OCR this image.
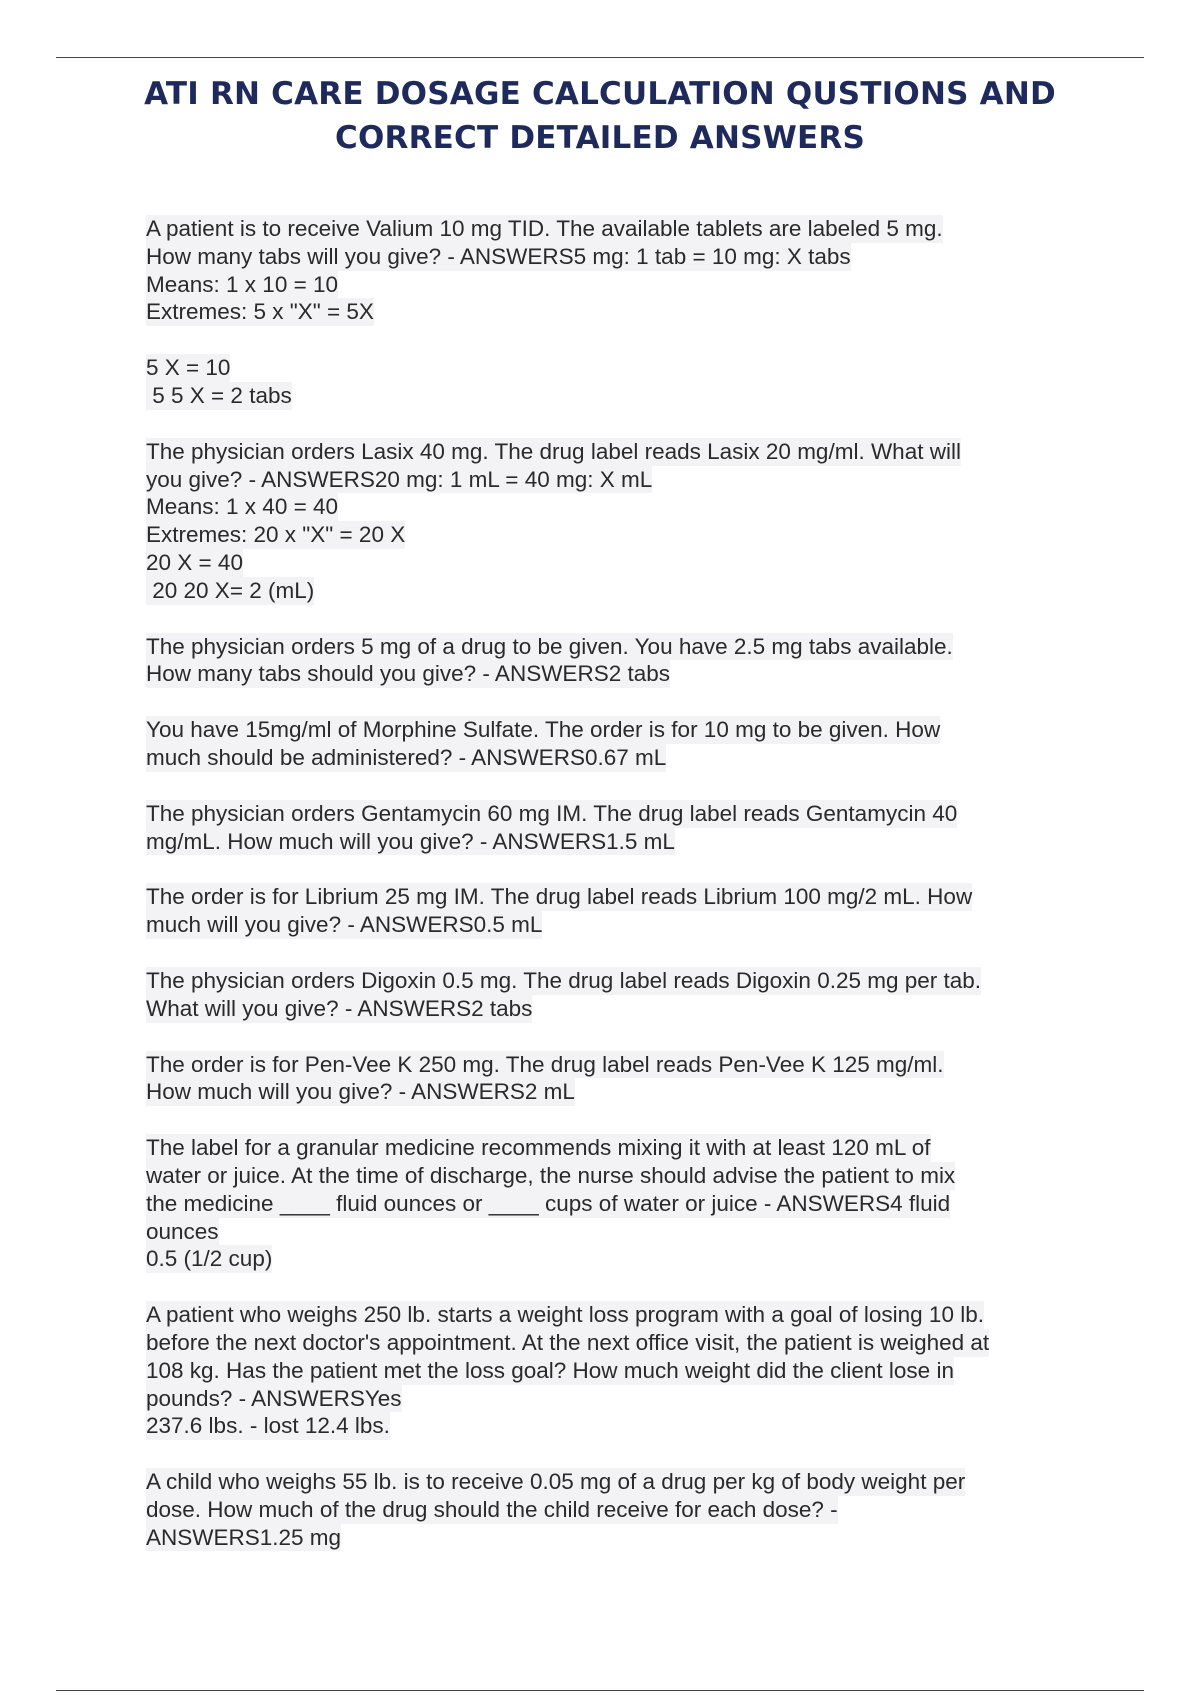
ATI RN CARE DOSAGE CALCULATION QUSTIONS AND
CORRECT DETAILED ANSWERS
A patient is to receive Valium 10 mg TID. The available tablets are labeled 5 mg.
How many tabs will you give? - ANSWERS5 mg: 1 tab = 10 mg: X tabs
Means: 1 x 10 = 10
Extremes: 5 x "X" = 5X
5 X = 10
5 5 X = 2 tabs
The physician orders Lasix 40 mg. The drug label reads Lasix 20 mg/ml. What will
you give? - ANSWERS20 mg: 1 mL = 40 mg: X mL
Means: 1 x 40 = 40
Extremes: 20 x "X" = 20 X
20 X = 40
20 20 X= 2 (mL)
The physician orders 5 mg of a drug to be given. You have 2.5 mg tabs available.
How many tabs should you give? - ANSWERS2 tabs
You have 15mg/ml of Morphine Sulfate. The order is for 10 mg to be given. How
much should be administered? - ANSWERS0.67 mL
The physician orders Gentamycin 60 mg IM. The drug label reads Gentamycin 40
mg/mL. How much will you give? - ANSWERS1.5 mL
The order is for Librium 25 mg IM. The drug label reads Librium 100 mg/2 mL. How
much will you give? - ANSWERS0.5 mL
The physician orders Digoxin 0.5 mg. The drug label reads Digoxin 0.25 mg per tab.
What will you give? - ANSWERS2 tabs
The order is for Pen-Vee K 250 mg. The drug label reads Pen-Vee K 125 mg/ml.
How much will you give? - ANSWERS2 mL
The label for a granular medicine recommends mixing it with at least 120 mL of
water or juice. At the time of discharge, the nurse should advise the patient to mix
the medicine ____ fluid ounces or ____ cups of water or juice - ANSWERS4 fluid
ounces
0.5 (1/2 cup)
A patient who weighs 250 lb. starts a weight loss program with a goal of losing 10 lb.
before the next doctor's appointment. At the next office visit, the patient is weighed at
108 kg. Has the patient met the loss goal? How much weight did the client lose in
pounds? - ANSWERSYes
237.6 lbs. - lost 12.4 lbs.
A child who weighs 55 lb. is to receive 0.05 mg of a drug per kg of body weight per
dose. How much of the drug should the child receive for each dose? -
ANSWERS1.25 mg
